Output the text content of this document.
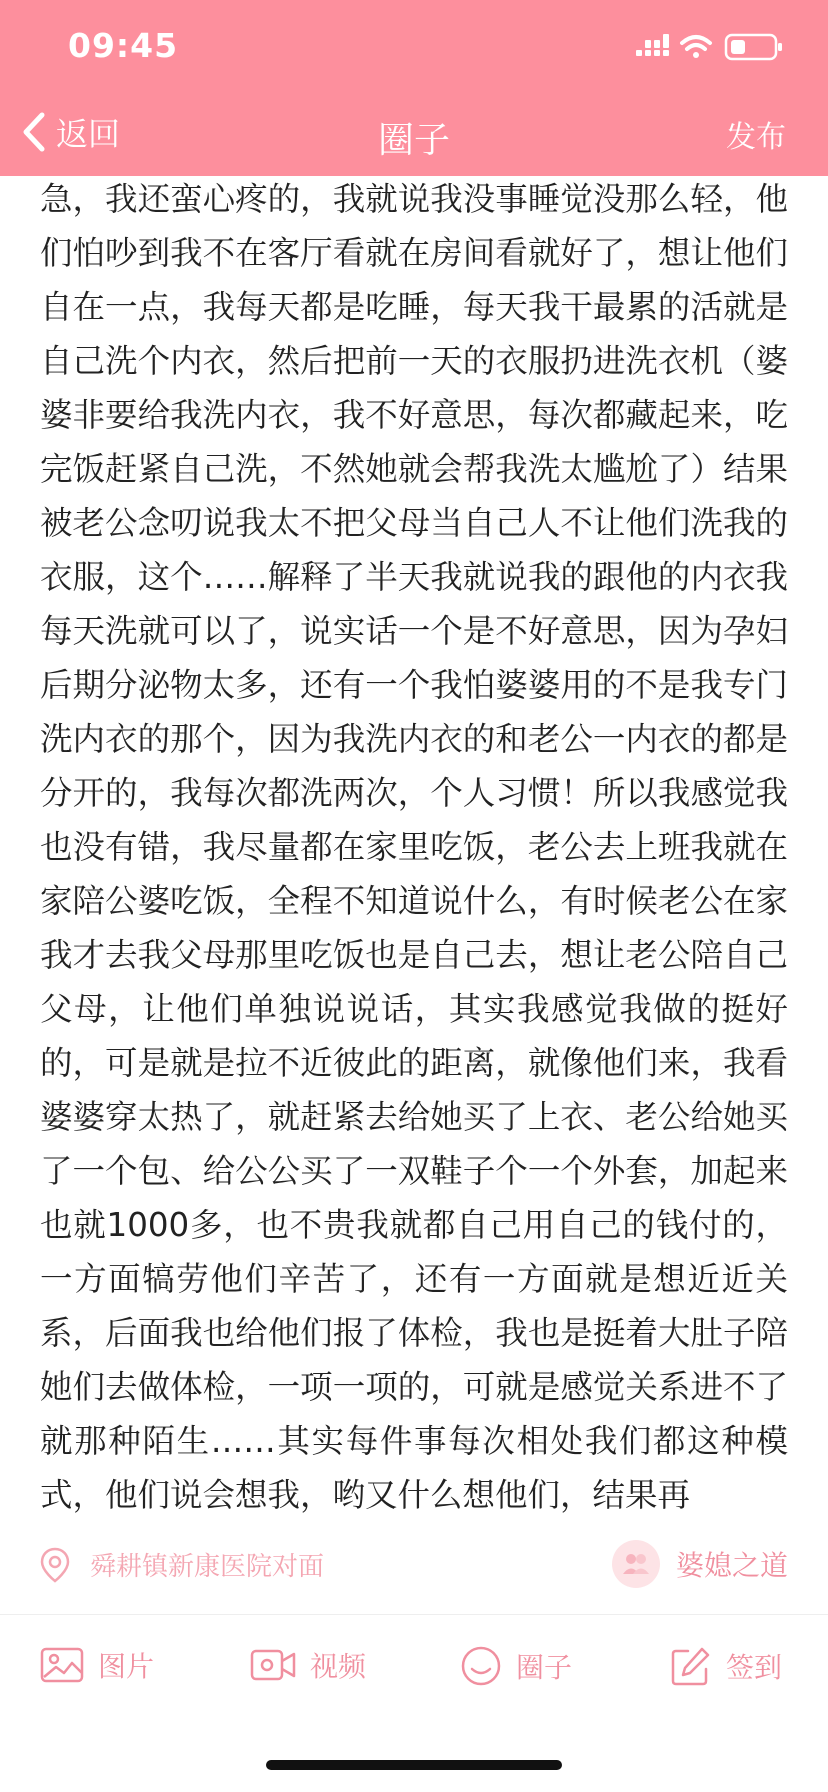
09:45
返回	圈子	发布

急，我还蛮心疼的，我就说我没事睡觉没那么轻，他们怕吵到我不在客厅看就在房间看就好了，想让他们自在一点，我每天都是吃睡，每天我干最累的活就是自己洗个内衣，然后把前一天的衣服扔进洗衣机（婆婆非要给我洗内衣，我不好意思，每次都藏起来，吃完饭赶紧自己洗，不然她就会帮我洗太尴尬了）结果被老公念叨说我太不把父母当自己人不让他们洗我的衣服，这个……解释了半天我就说我的跟他的内衣我每天洗就可以了，说实话一个是不好意思，因为孕妇后期分泌物太多，还有一个我怕婆婆用的不是我专门洗内衣的那个，因为我洗内衣的和老公一内衣的都是分开的，我每次都洗两次，个人习惯！所以我感觉我也没有错，我尽量都在家里吃饭，老公去上班我就在家陪公婆吃饭，全程不知道说什么，有时候老公在家我才去我父母那里吃饭也是自己去，想让老公陪自己父母，让他们单独说说话，其实我感觉我做的挺好的，可是就是拉不近彼此的距离，就像他们来，我看婆婆穿太热了，就赶紧去给她买了上衣、老公给她买了一个包、给公公买了一双鞋子个一个外套，加起来也就1000多，也不贵我就都自己用自己的钱付的，一方面犒劳他们辛苦了，还有一方面就是想近近关系，后面我也给他们报了体检，我也是挺着大肚子陪她们去做体检，一项一项的，可就是感觉关系进不了就那种陌生……其实每件事每次相处我们都这种模式，他们说会想我，哟又什么想他们，结果再

舜耕镇新康医院对面	婆媳之道
图片	视频	圈子	签到
